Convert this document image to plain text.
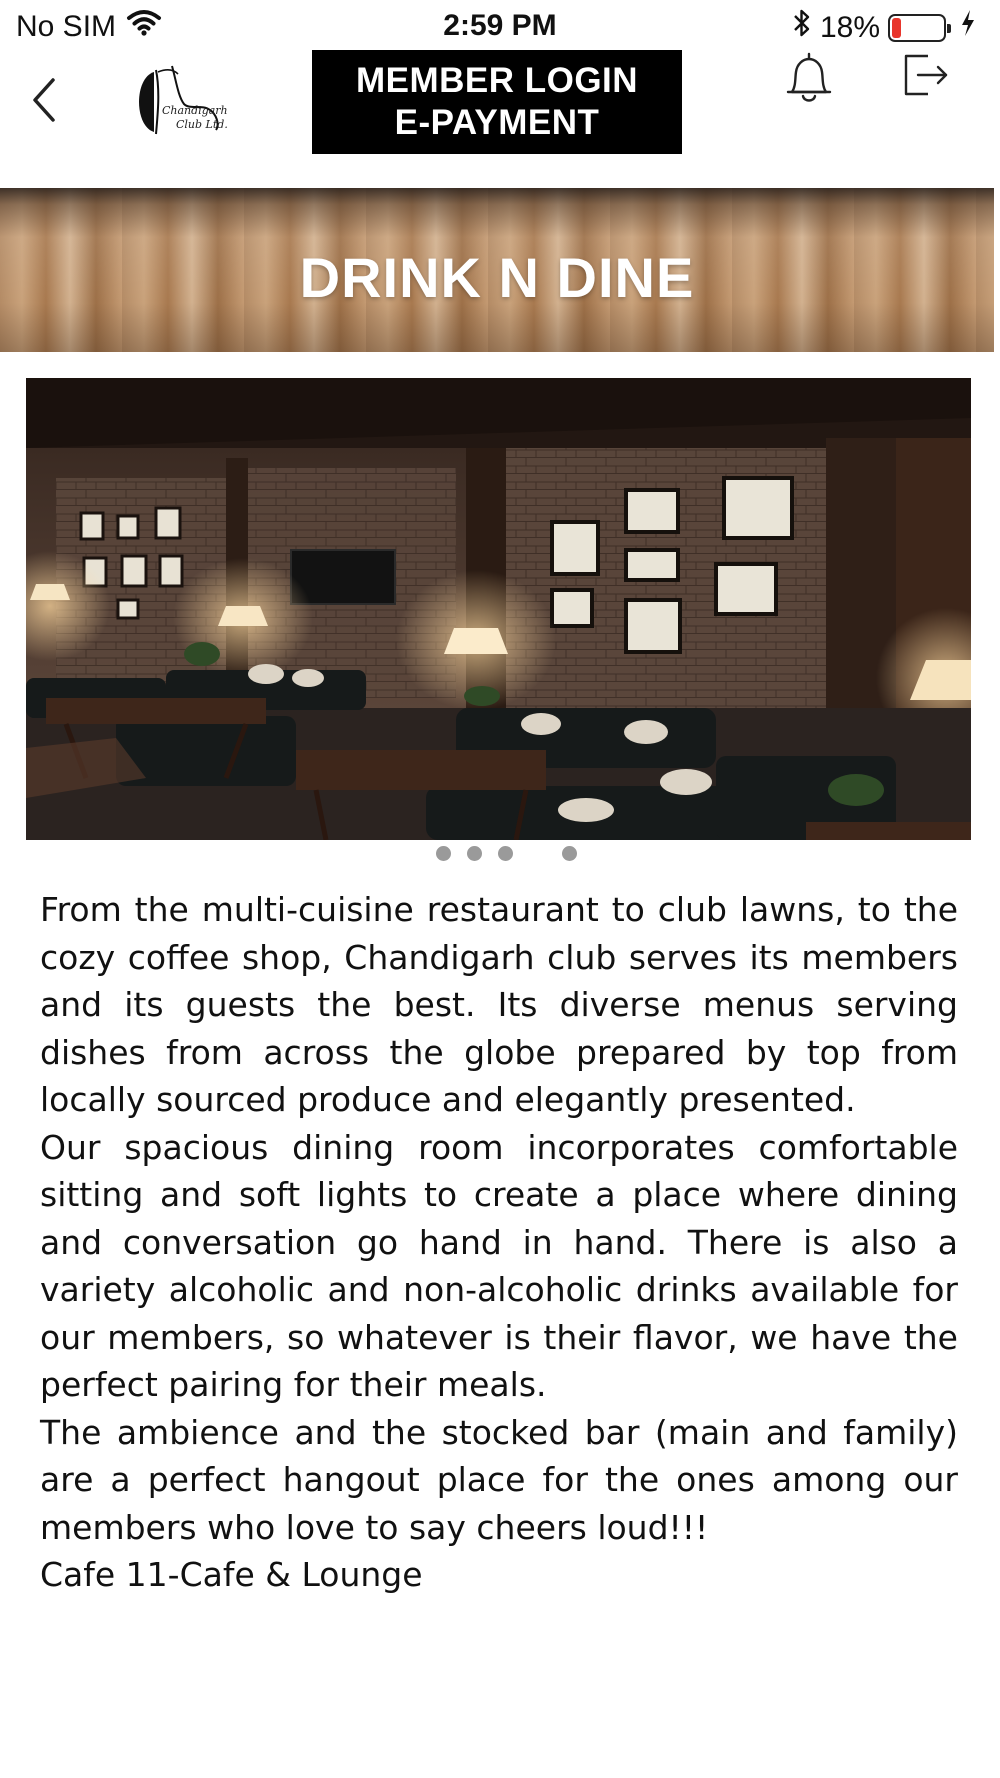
No SIM	2:59 PM	18%
Chandigarh
Club Ltd.
MEMBER LOGIN
E-PAYMENT
DRINK N DINE

From the multi-cuisine restaurant to club lawns, to the cozy coffee shop, Chandigarh club serves its members and its guests the best. Its diverse menus serving dishes from across the globe prepared by top from locally sourced produce and elegantly presented.

Our spacious dining room incorporates comfortable sitting and soft lights to create a place where dining and conversation go hand in hand. There is also a variety alcoholic and non-alcoholic drinks available for our members, so whatever is their flavor, we have the perfect pairing for their meals.

The ambience and the stocked bar (main and family) are a perfect hangout place for the ones among our members who love to say cheers loud!!!

Cafe 11-Cafe & Lounge
